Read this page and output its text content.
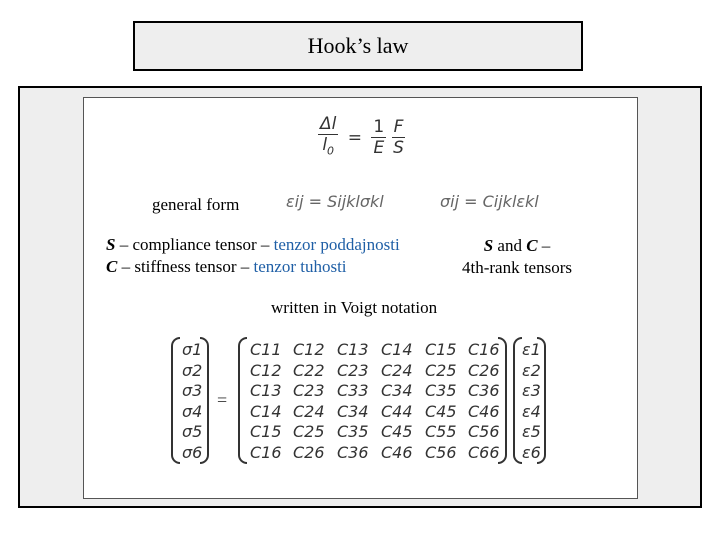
Hook’s law
$\frac{\Delta l}{l_0} = \frac{1}{E}$
$\frac{F}{S}$
general form	εij = Sijklσkl	σij = Cijklεkl
S – compliance tensor – tenzor poddajnosti
C – stiffness tensor – tenzor tuhosti
S and C –
4th-rank tensors
written in Voigt notation
=
σ1	C11 C12 C13 C14 C15 C16 ε1
σ2	C12 C22 C23 C24 C25 C26 ε2
σ3	C13 C23 C33 C34 C35 C36 ε3
σ4	C14 C24 C34 C44 C45 C46 ε4
σ5	C15 C25 C35 C45 C55 C56 ε5
σ6	C16 C26 C36 C46 C56 C66 ε6
